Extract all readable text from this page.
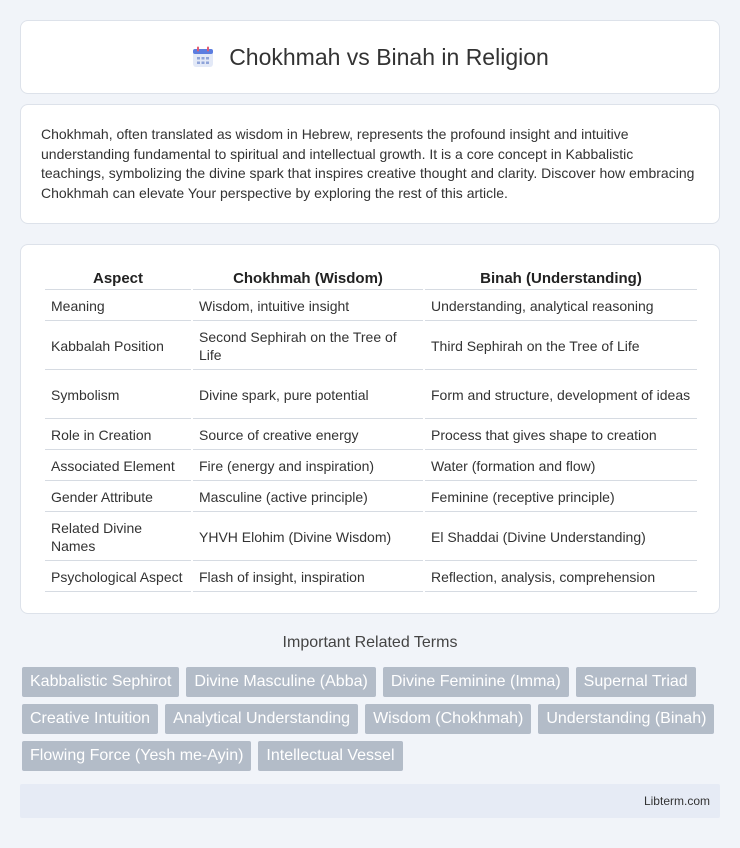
Chokhmah vs Binah in Religion

Chokhmah, often translated as wisdom in Hebrew, represents the profound insight and intuitive understanding fundamental to spiritual and intellectual growth. It is a core concept in Kabbalistic teachings, symbolizing the divine spark that inspires creative thought and clarity. Discover how embracing Chokhmah can elevate Your perspective by exploring the rest of this article.

Aspect	Chokhmah (Wisdom)	Binah (Understanding)
Meaning	Wisdom, intuitive insight	Understanding, analytical reasoning
Kabbalah Position	Second Sephirah on the Tree of Life	Third Sephirah on the Tree of Life
Symbolism	Divine spark, pure potential	Form and structure, development of ideas
Role in Creation	Source of creative energy	Process that gives shape to creation
Associated Element	Fire (energy and inspiration)	Water (formation and flow)
Gender Attribute	Masculine (active principle)	Feminine (receptive principle)
Related Divine Names	YHVH Elohim (Divine Wisdom)	El Shaddai (Divine Understanding)
Psychological Aspect	Flash of insight, inspiration	Reflection, analysis, comprehension
Important Related Terms
Kabbalistic Sephirot	Divine Masculine (Abba)	Divine Feminine (Imma)	Supernal Triad
Creative Intuition	Analytical Understanding	Wisdom (Chokhmah)	Understanding (Binah)
Flowing Force (Yesh me-Ayin)	Intellectual Vessel
Libterm.com
